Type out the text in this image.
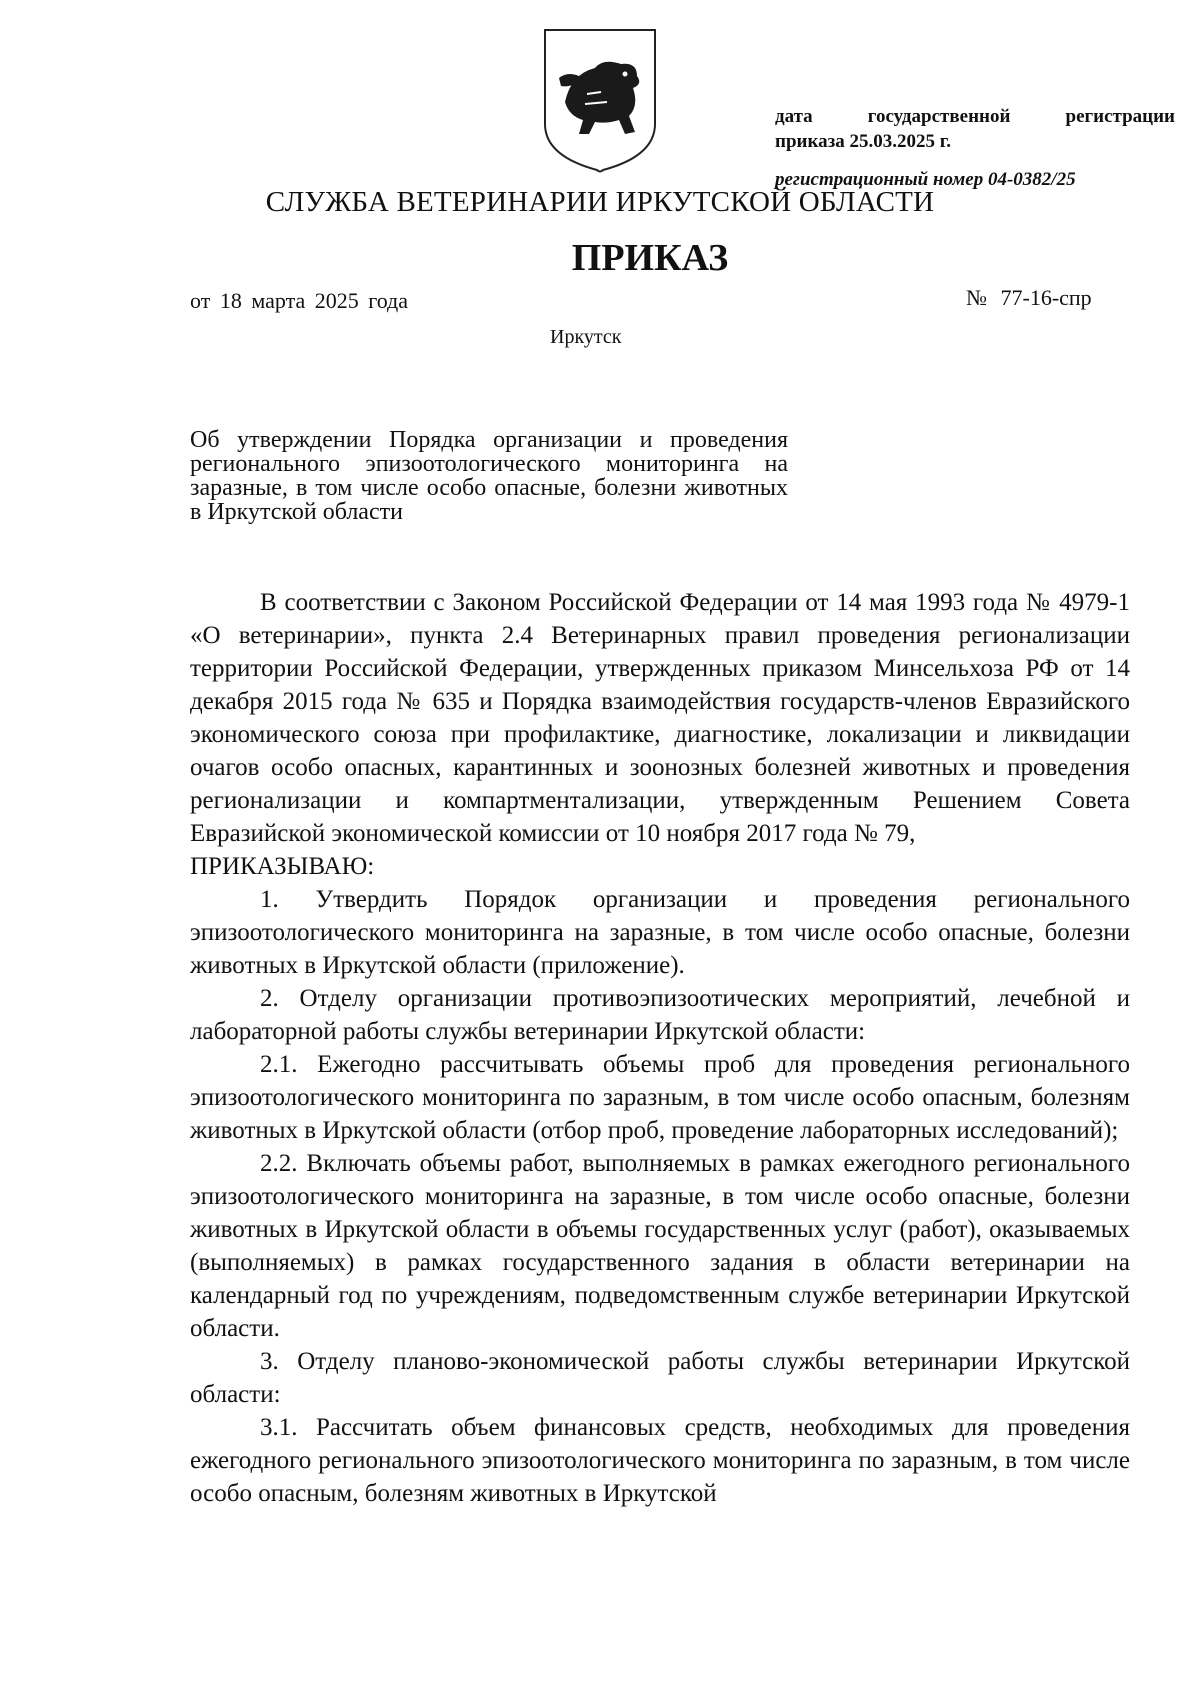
дата государственной регистрации

приказа 25.03.2025 г.

регистрационный номер 04-0382/25

СЛУЖБА ВЕТЕРИНАРИИ ИРКУТСКОЙ ОБЛАСТИ
ПРИКАЗ
от 18 марта 2025 года	№ 77-16-спр
Иркутск
Об утверждении Порядка организации и проведения регионального эпизоотологического мониторинга на заразные, в том числе особо опасные, болезни животных в Иркутской области

В соответствии с Законом Российской Федерации от 14 мая 1993 года № 4979-1 «О ветеринарии», пункта 2.4 Ветеринарных правил проведения регионализации территории Российской Федерации, утвержденных приказом Минсельхоза РФ от 14 декабря 2015 года № 635 и Порядка взаимодействия государств-членов Евразийского экономического союза при профилактике, диагностике, локализации и ликвидации очагов особо опасных, карантинных и зоонозных болезней животных и проведения регионализации и компартментализации, утвержденным Решением Совета Евразийской экономической комиссии от 10 ноября 2017 года № 79,

ПРИКАЗЫВАЮ:

1. Утвердить Порядок организации и проведения регионального эпизоотологического мониторинга на заразные, в том числе особо опасные, болезни животных в Иркутской области (приложение).

2. Отделу организации противоэпизоотических мероприятий, лечебной и лабораторной работы службы ветеринарии Иркутской области:

2.1. Ежегодно рассчитывать объемы проб для проведения регионального эпизоотологического мониторинга по заразным, в том числе особо опасным, болезням животных в Иркутской области (отбор проб, проведение лабораторных исследований);

2.2. Включать объемы работ, выполняемых в рамках ежегодного регионального эпизоотологического мониторинга на заразные, в том числе особо опасные, болезни животных в Иркутской области в объемы государственных услуг (работ), оказываемых (выполняемых) в рамках государственного задания в области ветеринарии на календарный год по учреждениям, подведомственным службе ветеринарии Иркутской области.

3. Отделу планово-экономической работы службы ветеринарии Иркутской области:

3.1. Рассчитать объем финансовых средств, необходимых для проведения ежегодного регионального эпизоотологического мониторинга по заразным, в том числе особо опасным, болезням животных в Иркутской
